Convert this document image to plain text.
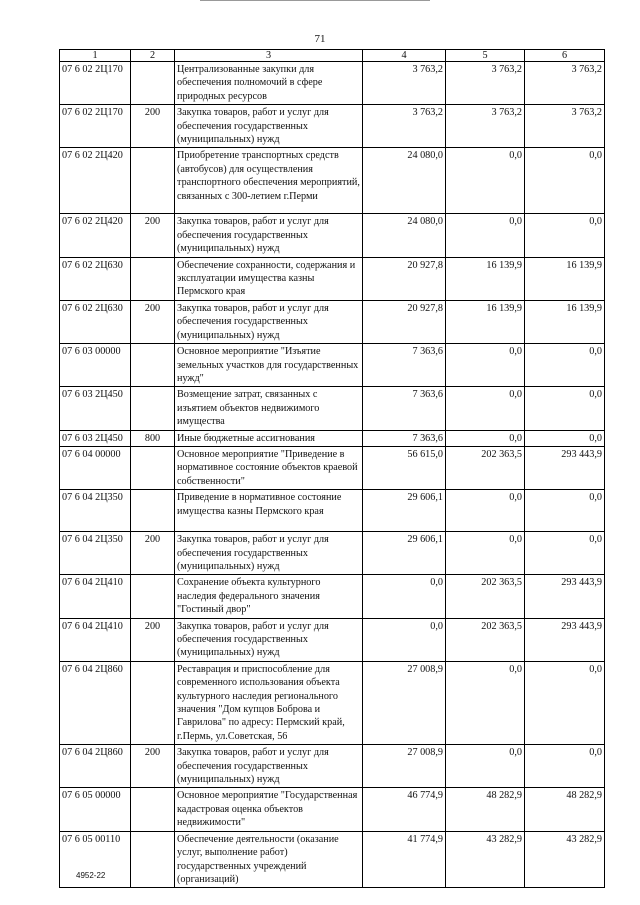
71
1	2	3	4	5	6
07 6 02 2Ц170		Централизованные закупки для обеспечения полномочий в сфере природных ресурсов	3 763,2	3 763,2	3 763,2
07 6 02 2Ц170	200	Закупка товаров, работ и услуг для обеспечения государственных (муниципальных) нужд	3 763,2	3 763,2	3 763,2
07 6 02 2Ц420		Приобретение транспортных средств (автобусов) для осуществления транспортного обеспечения мероприятий, связанных с 300-летием г.Перми	24 080,0	0,0	0,0
07 6 02 2Ц420	200	Закупка товаров, работ и услуг для обеспечения государственных (муниципальных) нужд	24 080,0	0,0	0,0
07 6 02 2Ц630		Обеспечение сохранности, содержания и эксплуатации имущества казны Пермского края	20 927,8	16 139,9	16 139,9
07 6 02 2Ц630	200	Закупка товаров, работ и услуг для обеспечения государственных (муниципальных) нужд	20 927,8	16 139,9	16 139,9
07 6 03 00000		Основное мероприятие "Изъятие земельных участков для государственных нужд"	7 363,6	0,0	0,0
07 6 03 2Ц450		Возмещение затрат, связанных с изъятием объектов недвижимого имущества	7 363,6	0,0	0,0
07 6 03 2Ц450	800	Иные бюджетные ассигнования	7 363,6	0,0	0,0
07 6 04 00000		Основное мероприятие "Приведение в нормативное состояние объектов краевой собственности"	56 615,0	202 363,5	293 443,9
07 6 04 2Ц350		Приведение в нормативное состояние имущества казны Пермского края	29 606,1	0,0	0,0
07 6 04 2Ц350	200	Закупка товаров, работ и услуг для обеспечения государственных (муниципальных) нужд	29 606,1	0,0	0,0
07 6 04 2Ц410		Сохранение объекта культурного наследия федерального значения "Гостиный двор"	0,0	202 363,5	293 443,9
07 6 04 2Ц410	200	Закупка товаров, работ и услуг для обеспечения государственных (муниципальных) нужд	0,0	202 363,5	293 443,9
07 6 04 2Ц860		Реставрация и приспособление для современного использования объекта культурного наследия регионального значения "Дом купцов Боброва и Гаврилова" по адресу: Пермский край, г.Пермь, ул.Советская, 56	27 008,9	0,0	0,0
07 6 04 2Ц860	200	Закупка товаров, работ и услуг для обеспечения государственных (муниципальных) нужд	27 008,9	0,0	0,0
07 6 05 00000		Основное мероприятие "Государственная кадастровая оценка объектов недвижимости"	46 774,9	48 282,9	48 282,9
07 6 05 00110		Обеспечение деятельности (оказание услуг, выполнение работ) государственных учреждений (организаций)	41 774,9	43 282,9	43 282,9
4952-22
